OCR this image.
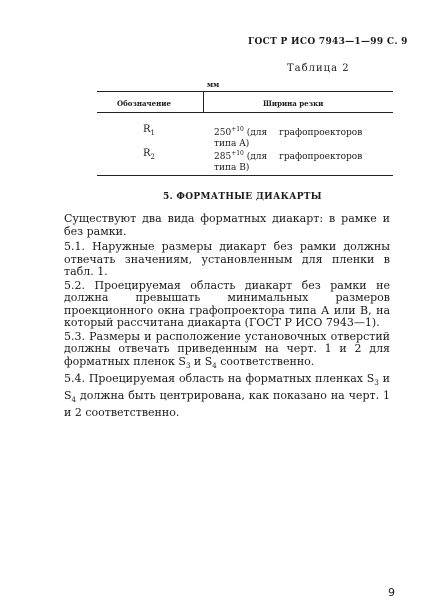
ГОСТ Р ИСО 7943—1—99 С. 9
Таблица 2
мм
Обозначение	Ширина резки
$R_1$	$250^{+10}$ (для графопроекторов
типа A)
$R_2$	$285^{+10}$ (для графопроекторов
типа B)
5. ФОРМАТНЫЕ ДИАКАРТЫ

Существуют два вида форматных диакарт: в рамке и без рамки.

5.1. Наружные размеры диакарт без рамки должны отвечать значениям, установленным для пленки в табл. 1.

5.2. Проецируемая область диакарт без рамки не должна превышать минимальных размеров проекционного окна графопроектора типа А или В, на который рассчитана диакарта (ГОСТ Р ИСО 7943—1).

5.3. Размеры и расположение установочных отверстий должны отвечать приведенным на черт. 1 и 2 для форматных пленок $S_3$ и $S_4$ соответственно.

5.4. Проецируемая область на форматных пленках $S_3$ и $S_4$ должна быть центрирована, как показано на черт. 1 и 2 соответственно.

9
